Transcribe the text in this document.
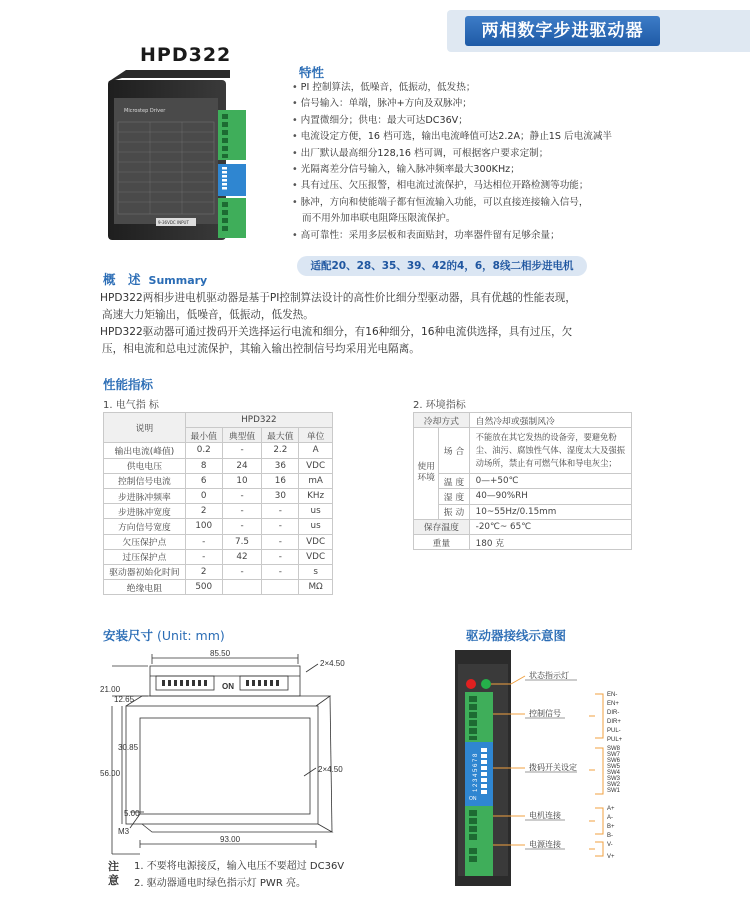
两相数字步进驱动器
HPD322
Microstep Driver
9-36VDC INPUT
特性
• PI 控制算法，低噪音，低振动，低发热；
• 信号输入：单端，脉冲+方向及双脉冲；
• 内置微细分；供电：最大可达DC36V；
• 电流设定方便，16 档可选，输出电流峰值可达2.2A；静止1S 后电流减半
• 出厂默认最高细分128,16 档可调，可根据客户要求定制；
• 光隔离差分信号输入，输入脉冲频率最大300KHz；
• 具有过压、欠压报警，相电流过流保护，马达相位开路检测等功能；
• 脉冲，方向和使能端子都有恒流输入功能，可以直接连接输入信号，
而不用外加串联电阻降压限流保护。
• 高可靠性：采用多层板和表面贴封，功率器件留有足够余量；
适配20、28、35、39、42的4，6，8线二相步进电机
概　述 Summary
HPD322两相步进电机驱动器是基于PI控制算法设计的高性价比细分型驱动器，具有优越的性能表现，
高速大力矩输出，低噪音，低振动，低发热。
HPD322驱动器可通过拨码开关选择运行电流和细分，有16种细分，16种电流供选择，具有过压，欠
压，相电流和总电过流保护，其输入输出控制信号均采用光电隔离。
性能指标
1. 电气指 标	2. 环境指标
说明	HPD322			
	最小值	典型值	最大值	单位
输出电流(峰值)	0.2	-	2.2	A
供电电压	8	24	36	VDC
控制信号电流	6	10	16	mA
步进脉冲频率	0	-	30	KHz
步进脉冲宽度	2	-	-	us
方向信号宽度	100	-	-	us
欠压保护点	-	7.5	-	VDC
过压保护点	-	42	-	VDC
驱动器初始化时间	2	-	-	s
绝缘电阻	500			MΩ
冷却方式		自然冷却或强制风冷
使用环境	场 合	不能放在其它发热的设备旁，要避免粉
尘、油污、腐蚀性气体、湿度太大及强振
动场所，禁止有可燃气体和导电灰尘；

	温 度	0—+50℃
	湿 度	40—90%RH
	振 动	10~55Hz/0.15mm
保存温度		-20℃~ 65℃
重量		180 克
安装尺寸 (Unit: mm)	驱动器接线示意图
ON
85.50
2×4.50
21.00
12.65
30.85
56.00	2×4.50
5.00
M3
93.00
1 2 3 4 5 6 7 8
ON
状态指示灯
控制信号
拨码开关设定
电机连接
电源连接
EN-
EN+
DIR-
DIR+
PUL-
PUL+
SW8
SW7
SW6
SW5
SW4
SW3
SW2
SW1
A+
A-
B+
B-
V-
V+
注意
1. 不要将电源接反，输入电压不要超过 DC36V
2. 驱动器通电时绿色指示灯 PWR 亮。
